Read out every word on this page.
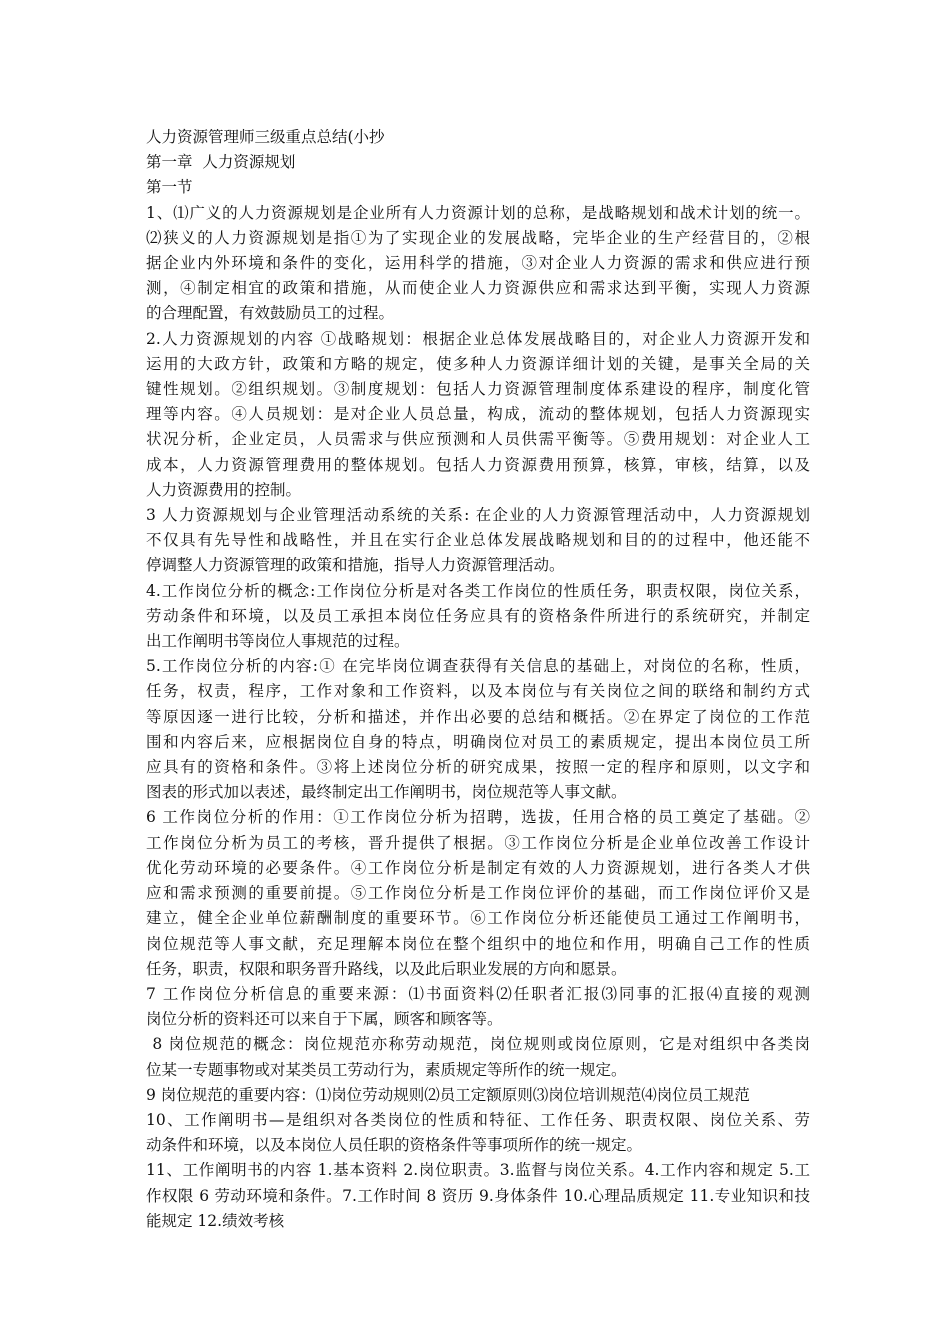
人力资源管理师三级重点总结(小抄
第一章  人力资源规划
第一节
1、⑴广义的人力资源规划是企业所有人力资源计划的总称，是战略规划和战术计划的统一。
⑵狭义的人力资源规划是指①为了实现企业的发展战略，完毕企业的生产经营目的，②根
据企业内外环境和条件的变化，运用科学的措施，③对企业人力资源的需求和供应进行预
测，④制定相宜的政策和措施，从而使企业人力资源供应和需求达到平衡，实现人力资源
的合理配置，有效鼓励员工的过程。
2.人力资源规划的内容 ①战略规划：根据企业总体发展战略目的，对企业人力资源开发和
运用的大政方针，政策和方略的规定，使多种人力资源详细计划的关键，是事关全局的关
键性规划。②组织规划。③制度规划：包括人力资源管理制度体系建设的程序，制度化管
理等内容。④人员规划：是对企业人员总量，构成，流动的整体规划，包括人力资源现实
状况分析，企业定员，人员需求与供应预测和人员供需平衡等。⑤费用规划：对企业人工
成本，人力资源管理费用的整体规划。包括人力资源费用预算，核算，审核，结算，以及
人力资源费用的控制。
3 人力资源规划与企业管理活动系统的关系: 在企业的人力资源管理活动中，人力资源规划
不仅具有先导性和战略性，并且在实行企业总体发展战略规划和目的的过程中，他还能不
停调整人力资源管理的政策和措施，指导人力资源管理活动。
4.工作岗位分析的概念:工作岗位分析是对各类工作岗位的性质任务，职责权限，岗位关系，
劳动条件和环境，以及员工承担本岗位任务应具有的资格条件所进行的系统研究，并制定
出工作阐明书等岗位人事规范的过程。
5.工作岗位分析的内容:① 在完毕岗位调查获得有关信息的基础上，对岗位的名称，性质，
任务，权责，程序，工作对象和工作资料，以及本岗位与有关岗位之间的联络和制约方式
等原因逐一进行比较，分析和描述，并作出必要的总结和概括。②在界定了岗位的工作范
围和内容后来，应根据岗位自身的特点，明确岗位对员工的素质规定，提出本岗位员工所
应具有的资格和条件。③将上述岗位分析的研究成果，按照一定的程序和原则，以文字和
图表的形式加以表述，最终制定出工作阐明书，岗位规范等人事文献。
6 工作岗位分析的作用：①工作岗位分析为招聘，选拔，任用合格的员工奠定了基础。②
工作岗位分析为员工的考核，晋升提供了根据。③工作岗位分析是企业单位改善工作设计
优化劳动环境的必要条件。④工作岗位分析是制定有效的人力资源规划，进行各类人才供
应和需求预测的重要前提。⑤工作岗位分析是工作岗位评价的基础，而工作岗位评价又是
建立，健全企业单位薪酬制度的重要环节。⑥工作岗位分析还能使员工通过工作阐明书，
岗位规范等人事文献，充足理解本岗位在整个组织中的地位和作用，明确自己工作的性质
任务，职责，权限和职务晋升路线，以及此后职业发展的方向和愿景。
7 工作岗位分析信息的重要来源：⑴书面资料⑵任职者汇报⑶同事的汇报⑷直接的观测
岗位分析的资料还可以来自于下属，顾客和顾客等。
8 岗位规范的概念：岗位规范亦称劳动规范，岗位规则或岗位原则，它是对组织中各类岗
位某一专题事物或对某类员工劳动行为，素质规定等所作的统一规定。
9 岗位规范的重要内容：⑴岗位劳动规则⑵员工定额原则⑶岗位培训规范⑷岗位员工规范
10、工作阐明书—是组织对各类岗位的性质和特征、工作任务、职责权限、岗位关系、劳
动条件和环境，以及本岗位人员任职的资格条件等事项所作的统一规定。
11、工作阐明书的内容 1.基本资料 2.岗位职责。3.监督与岗位关系。4.工作内容和规定 5.工
作权限 6 劳动环境和条件。7.工作时间 8 资历 9.身体条件 10.心理品质规定 11.专业知识和技
能规定 12.绩效考核
